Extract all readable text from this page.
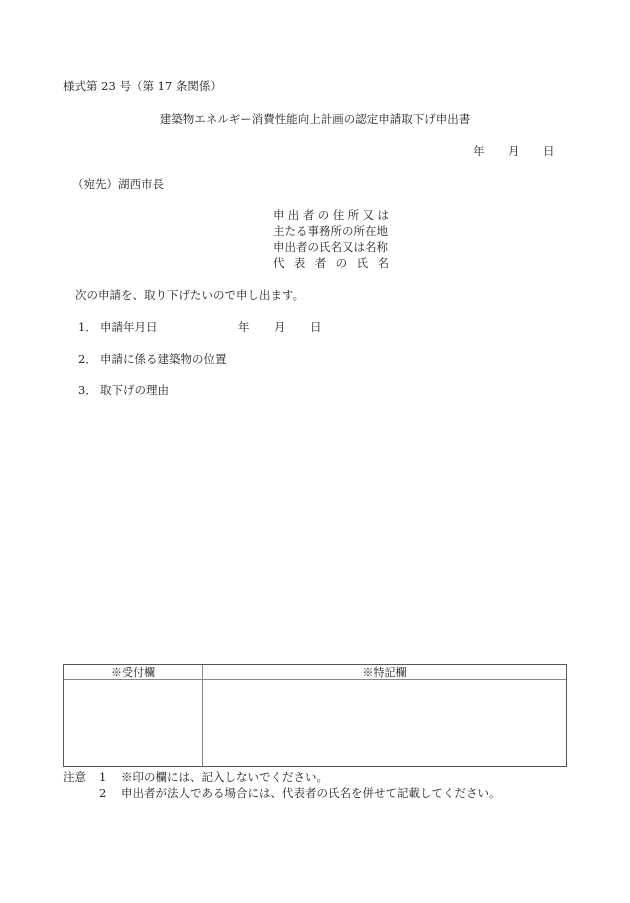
様式第 23 号（第 17 条関係）
建築物エネルギー消費性能向上計画の認定申請取下げ申出書
年 月 日
（宛先）湖西市長
申 出 者 の 住 所 又 は
主たる事務所の所在地
申出者の氏名又は名称
代 表 者 の 氏 名
次の申請を、取り下げたいので申し出ます。
1． 申請年月日	年 月 日
2． 申請に係る建築物の位置
3． 取下げの理由
※受付欄	※特記欄
注意	1	※印の欄には、記入しないでください。
2	申出者が法人である場合には、代表者の氏名を併せて記載してください。
